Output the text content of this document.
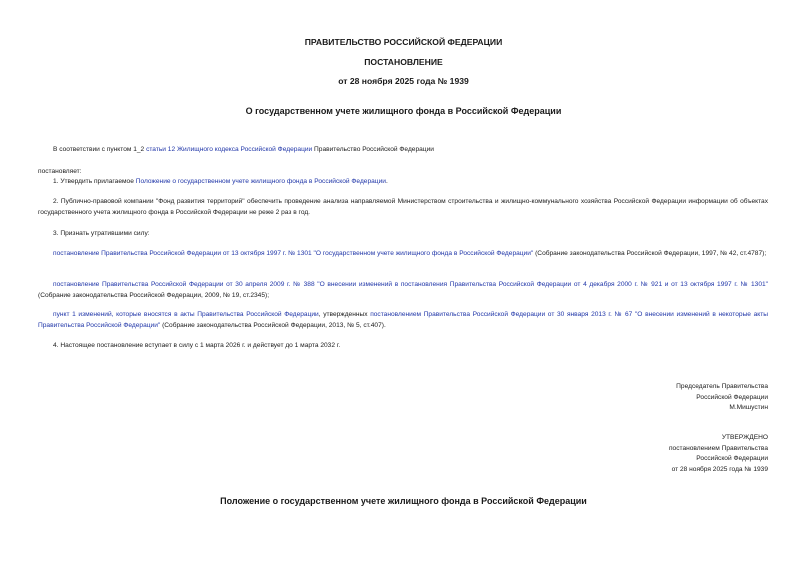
ПРАВИТЕЛЬСТВО РОССИЙСКОЙ ФЕДЕРАЦИИ
ПОСТАНОВЛЕНИЕ
от 28 ноября 2025 года № 1939
О государственном учете жилищного фонда в Российской Федерации
В соответствии с пунктом 1_2 статьи 12 Жилищного кодекса Российской Федерации Правительство Российской Федерации
постановляет:
1. Утвердить прилагаемое Положение о государственном учете жилищного фонда в Российской Федерации.
2. Публично-правовой компании "Фонд развития территорий" обеспечить проведение анализа направляемой Министерством строительства и жилищно-коммунального хозяйства Российской Федерации информации об объектах государственного учета жилищного фонда в Российской Федерации не реже 2 раз в год.
3. Признать утратившими силу:
постановление Правительства Российской Федерации от 13 октября 1997 г. № 1301 "О государственном учете жилищного фонда в Российской Федерации" (Собрание законодательства Российской Федерации, 1997, № 42, ст.4787);
постановление Правительства Российской Федерации от 30 апреля 2009 г. № 388 "О внесении изменений в постановления Правительства Российской Федерации от 4 декабря 2000 г. № 921 и от 13 октября 1997 г. № 1301" (Собрание законодательства Российской Федерации, 2009, № 19, ст.2345);
пункт 1 изменений, которые вносятся в акты Правительства Российской Федерации, утвержденных постановлением Правительства Российской Федерации от 30 января 2013 г. № 67 "О внесении изменений в некоторые акты Правительства Российской Федерации" (Собрание законодательства Российской Федерации, 2013, № 5, ст.407).
4. Настоящее постановление вступает в силу с 1 марта 2026 г. и действует до 1 марта 2032 г.
Председатель Правительства
Российской Федерации
М.Мишустин
УТВЕРЖДЕНО
постановлением Правительства
Российской Федерации
от 28 ноября 2025 года № 1939
Положение о государственном учете жилищного фонда в Российской Федерации
